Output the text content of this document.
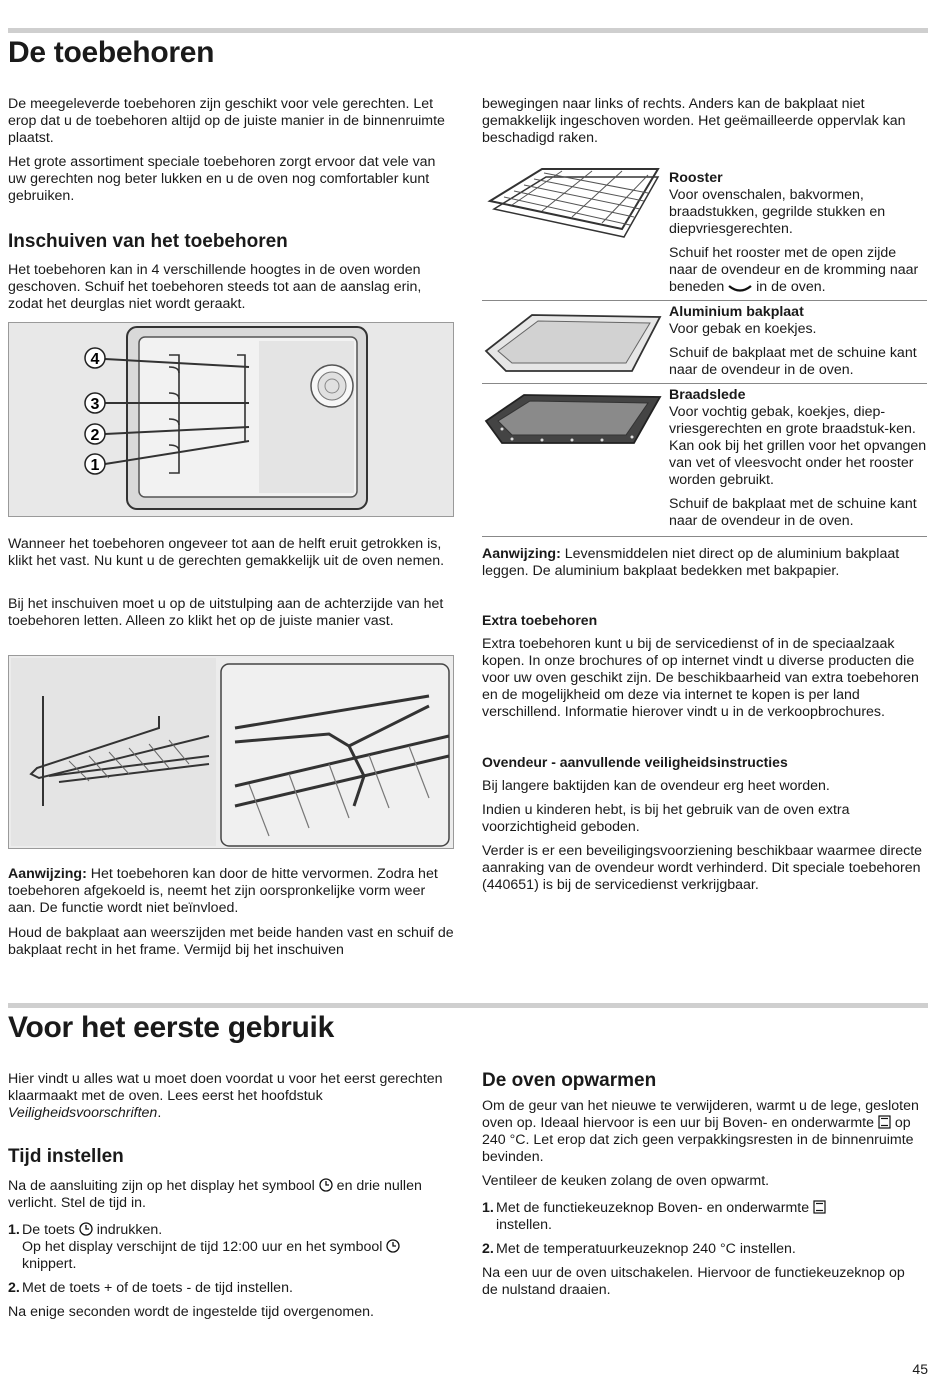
De toebehoren

De meegeleverde toebehoren zijn geschikt voor vele gerechten. Let erop dat u de toebehoren altijd op de juiste manier in de binnenruimte plaatst.

Het grote assortiment speciale toebehoren zorgt ervoor dat vele van uw gerechten nog beter lukken en u de oven nog comfortabler kunt gebruiken.

Inschuiven van het toebehoren

Het toebehoren kan in 4 verschillende hoogtes in de oven worden geschoven. Schuif het toebehoren steeds tot aan de aanslag erin, zodat het deurglas niet wordt geraakt.

4
3
2
1

Wanneer het toebehoren ongeveer tot aan de helft eruit getrokken is, klikt het vast. Nu kunt u de gerechten gemakkelijk uit de oven nemen.

Bij het inschuiven moet u op de uitstulping aan de achterzijde van het toebehoren letten. Alleen zo klikt het op de juiste manier vast.

Aanwijzing: Het toebehoren kan door de hitte vervormen. Zodra het toebehoren afgekoeld is, neemt het zijn oorspronkelijke vorm weer aan. De functie wordt niet beïnvloed.

Houd de bakplaat aan weerszijden met beide handen vast en schuif de bakplaat recht in het frame. Vermijd bij het inschuiven

bewegingen naar links of rechts. Anders kan de bakplaat niet gemakkelijk ingeschoven worden. Het geëmailleerde oppervlak kan beschadigd raken.

Rooster
Voor ovenschalen, bakvormen, braadstukken, gegrilde stukken en diepvriesgerechten.

Schuif het rooster met de open zijde naar de ovendeur en de kromming naar beneden  in de oven.

Aluminium bakplaat
Voor gebak en koekjes.

Schuif de bakplaat met de schuine kant naar de ovendeur in de oven.

Braadslede
Voor vochtig gebak, koekjes, diep-vriesgerechten en grote braadstuk-ken. Kan ook bij het grillen voor het opvangen van vet of vleesvocht onder het rooster worden gebruikt.

Schuif de bakplaat met de schuine kant naar de ovendeur in de oven.

Aanwijzing: Levensmiddelen niet direct op de aluminium bakplaat leggen. De aluminium bakplaat bedekken met bakpapier.

Extra toebehoren

Extra toebehoren kunt u bij de servicedienst of in de speciaalzaak kopen. In onze brochures of op internet vindt u diverse producten die voor uw oven geschikt zijn. De beschikbaarheid van extra toebehoren en de mogelijkheid om deze via internet te kopen is per land verschillend. Informatie hierover vindt u in de verkoopbrochures.

Ovendeur - aanvullende veiligheidsinstructies

Bij langere baktijden kan de ovendeur erg heet worden.

Indien u kinderen hebt, is bij het gebruik van de oven extra voorzichtigheid geboden.

Verder is er een beveiligingsvoorziening beschikbaar waarmee directe aanraking van de ovendeur wordt verhinderd. Dit speciale toebehoren (440651) is bij de servicedienst verkrijgbaar.

Voor het eerste gebruik

Hier vindt u alles wat u moet doen voordat u voor het eerst gerechten klaarmaakt met de oven. Lees eerst het hoofdstuk Veiligheidsvoorschriften.

Tijd instellen

Na de aansluiting zijn op het display het symbool  en drie nullen verlicht. Stel de tijd in.

1. De toets  indrukken.
Op het display verschijnt de tijd 12:00 uur en het symbool  knippert.
2. Met de toets + of de toets - de tijd instellen.

Na enige seconden wordt de ingestelde tijd overgenomen.

De oven opwarmen

Om de geur van het nieuwe te verwijderen, warmt u de lege, gesloten oven op. Ideaal hiervoor is een uur bij Boven- en onderwarmte  op 240 °C. Let erop dat zich geen verpakkingsresten in de binnenruimte bevinden.

Ventileer de keuken zolang de oven opwarmt.

1. Met de functiekeuzeknop Boven- en onderwarmte
instellen.
2. Met de temperatuurkeuzeknop 240 °C instellen.

Na een uur de oven uitschakelen. Hiervoor de functiekeuzeknop op de nulstand draaien.

45
